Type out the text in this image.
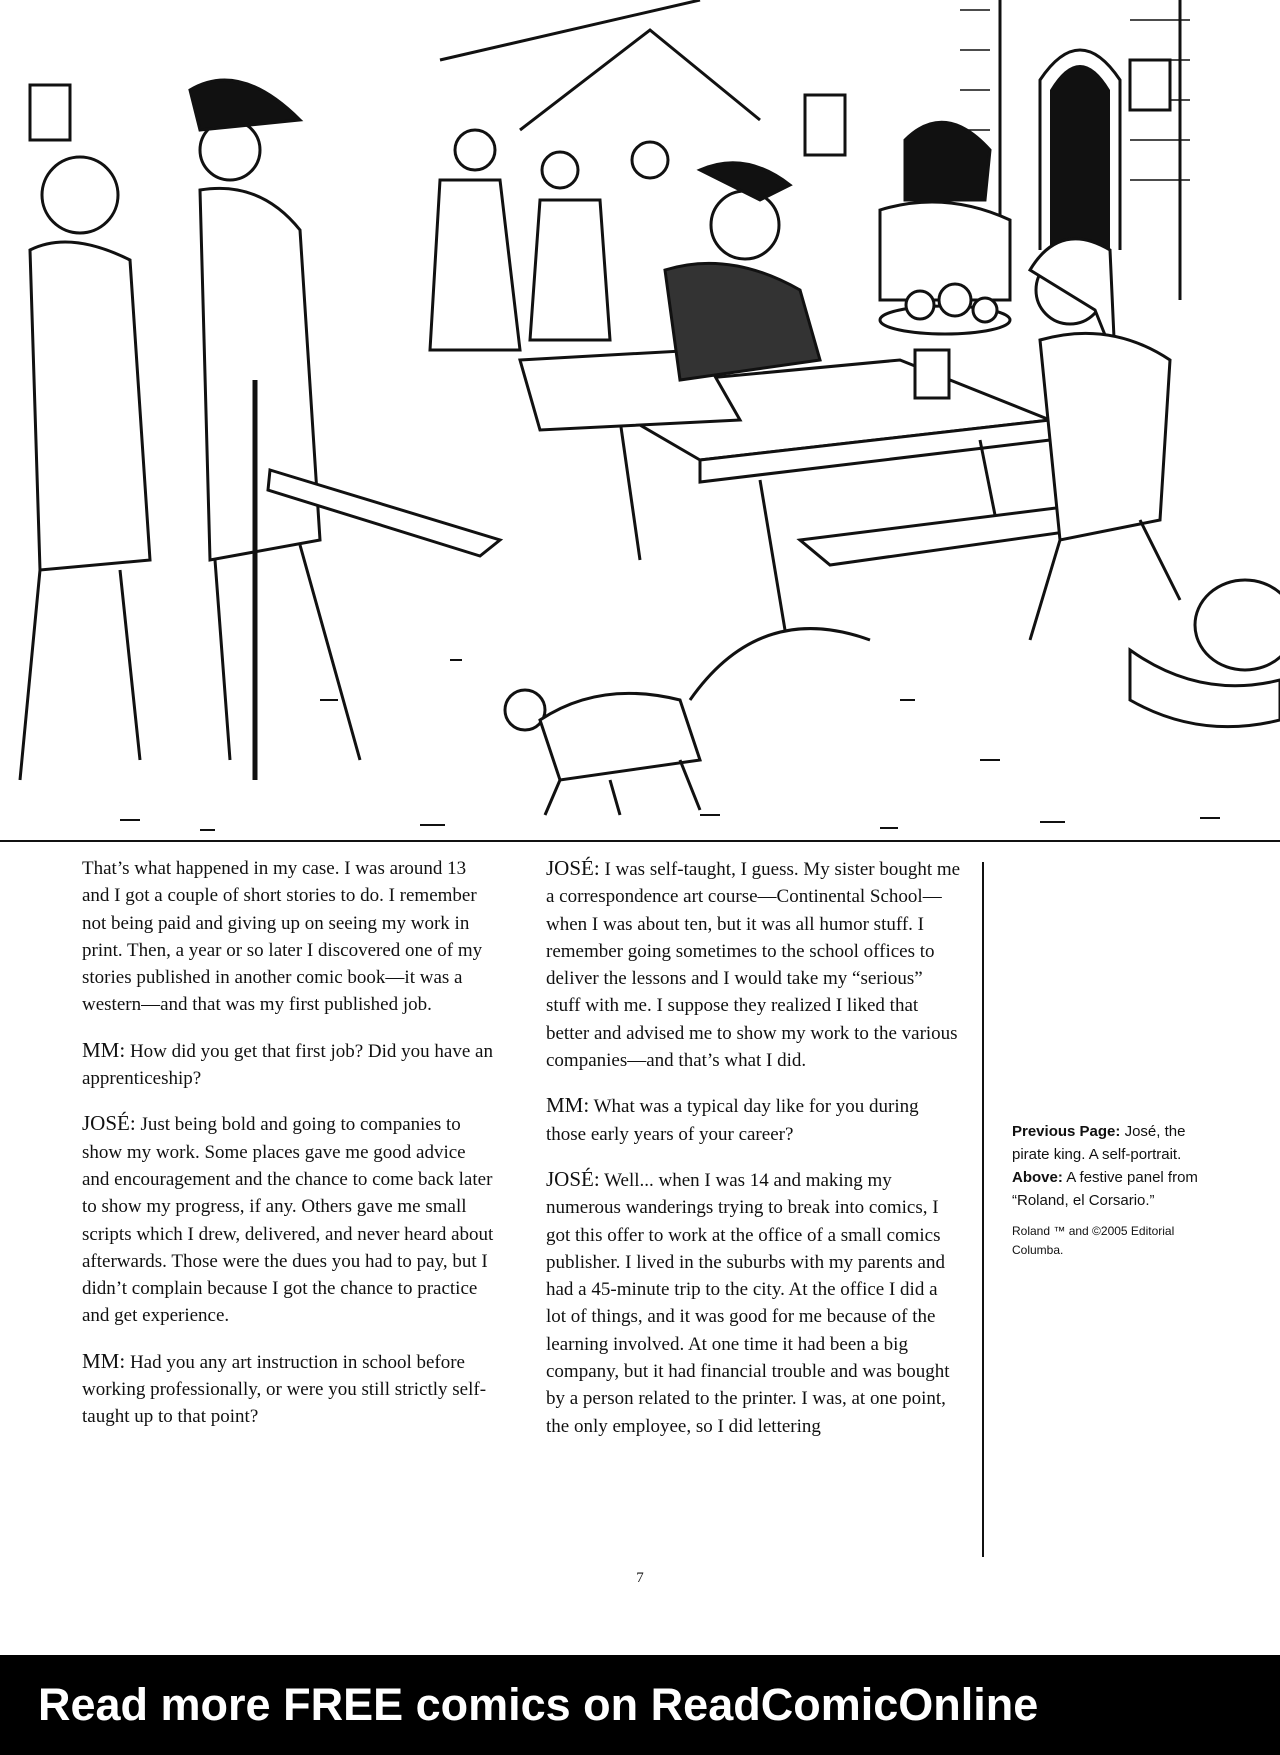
That’s what happened in my case. I was around 13 and I got a couple of short stories to do. I remember not being paid and giving up on seeing my work in print. Then, a year or so later I discovered one of my stories published in another comic book—it was a western—and that was my first published job.

MM: How did you get that first job? Did you have an apprenticeship?

JOSÉ: Just being bold and going to companies to show my work. Some places gave me good advice and encouragement and the chance to come back later to show my progress, if any. Others gave me small scripts which I drew, delivered, and never heard about afterwards. Those were the dues you had to pay, but I didn’t complain because I got the chance to practice and get experience.

MM: Had you any art instruction in school before working professionally, or were you still strictly self-taught up to that point?

JOSÉ: I was self-taught, I guess. My sister bought me a correspondence art course—Continental School—when I was about ten, but it was all humor stuff. I remember going sometimes to the school offices to deliver the lessons and I would take my “serious” stuff with me. I suppose they realized I liked that better and advised me to show my work to the various companies—and that’s what I did.

MM: What was a typical day like for you during those early years of your career?

JOSÉ: Well... when I was 14 and making my numerous wanderings trying to break into comics, I got this offer to work at the office of a small comics publisher. I lived in the suburbs with my parents and had a 45-minute trip to the city. At the office I did a lot of things, and it was good for me because of the learning involved. At one time it had been a big company, but it had financial trouble and was bought by a person related to the printer. I was, at one point, the only employee, so I did lettering

Previous Page: José, the pirate king. A self-portrait.
Above: A festive panel from “Roland, el Corsario.”
Roland ™ and ©2005 Editorial Columba.
7
Read more FREE comics on ReadComicOnline
